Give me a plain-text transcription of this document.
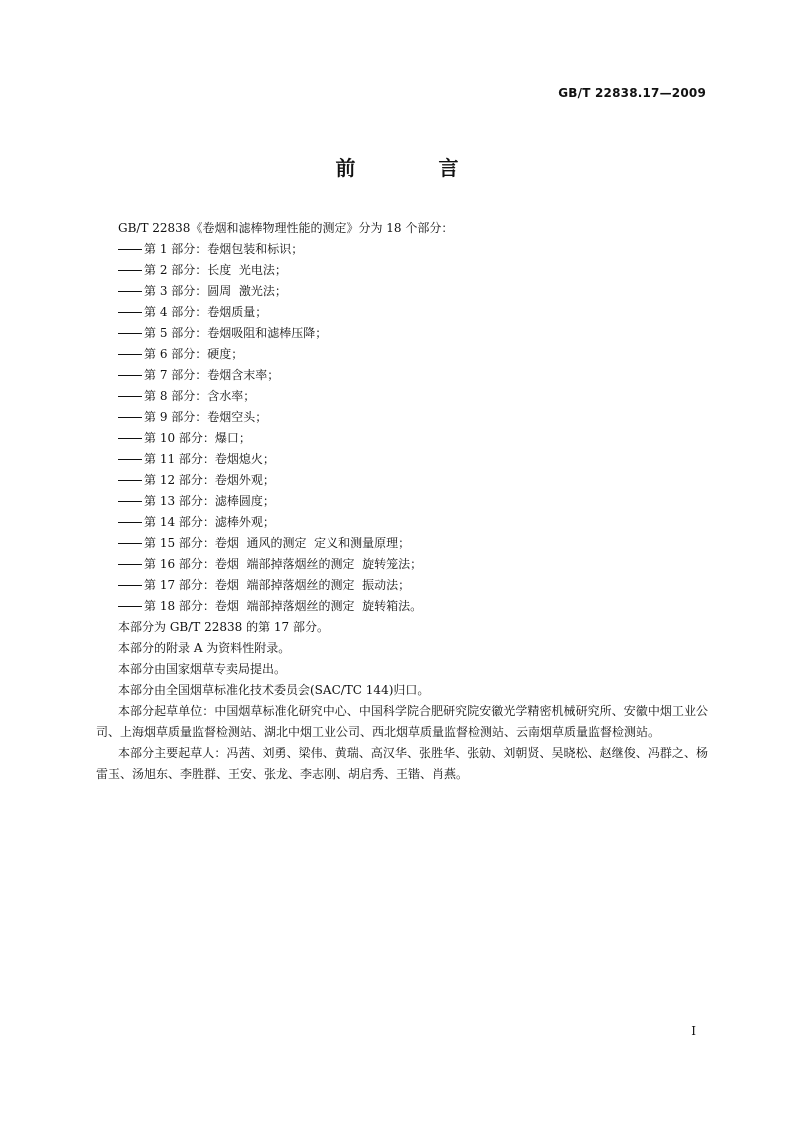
GB/T 22838.17—2009
前 言
GB/T 22838《卷烟和滤棒物理性能的测定》分为 18 个部分：
第 1 部分：卷烟包装和标识；
第 2 部分：长度  光电法；
第 3 部分：圆周  激光法；
第 4 部分：卷烟质量；
第 5 部分：卷烟吸阻和滤棒压降；
第 6 部分：硬度；
第 7 部分：卷烟含末率；
第 8 部分：含水率；
第 9 部分：卷烟空头；
第 10 部分：爆口；
第 11 部分：卷烟熄火；
第 12 部分：卷烟外观；
第 13 部分：滤棒圆度；
第 14 部分：滤棒外观；
第 15 部分：卷烟  通风的测定  定义和测量原理；
第 16 部分：卷烟  端部掉落烟丝的测定  旋转笼法；
第 17 部分：卷烟  端部掉落烟丝的测定  振动法；
第 18 部分：卷烟  端部掉落烟丝的测定  旋转箱法。
本部分为 GB/T 22838 的第 17 部分。
本部分的附录 A 为资料性附录。
本部分由国家烟草专卖局提出。
本部分由全国烟草标准化技术委员会(SAC/TC 144)归口。
本部分起草单位：中国烟草标准化研究中心、中国科学院合肥研究院安徽光学精密机械研究所、安徽中烟工业公司、上海烟草质量监督检测站、湖北中烟工业公司、西北烟草质量监督检测站、云南烟草质量监督检测站。
本部分主要起草人：冯茜、刘勇、梁伟、黄瑞、高汉华、张胜华、张勍、刘朝贤、吴晓松、赵继俊、冯群之、杨雷玉、汤旭东、李胜群、王安、张龙、李志刚、胡启秀、王锴、肖燕。
I
